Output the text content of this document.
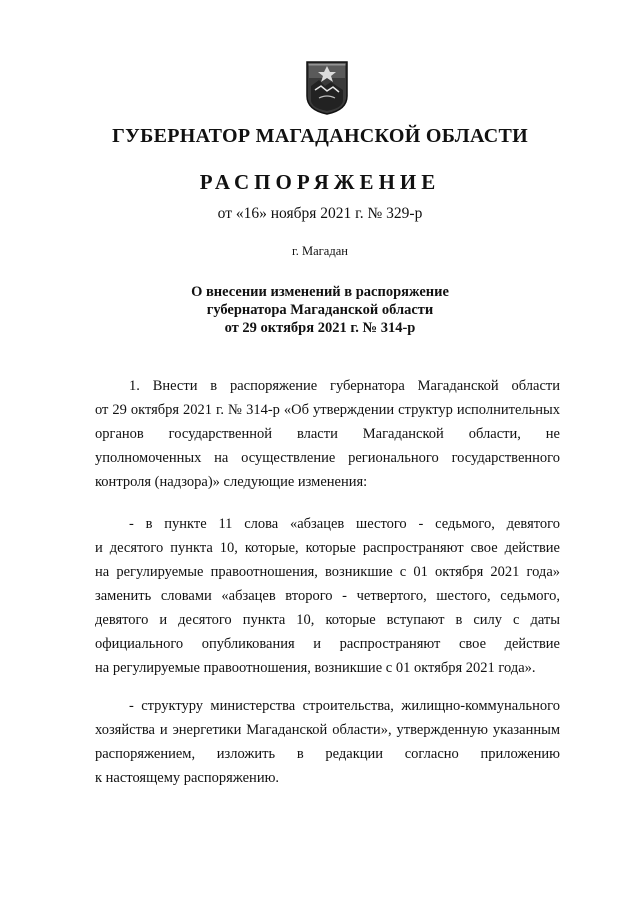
ГУБЕРНАТОР МАГАДАНСКОЙ ОБЛАСТИ
РАСПОРЯЖЕНИЕ
от «16» ноября 2021 г. № 329-р
г. Магадан
О внесении изменений в распоряжение
губернатора Магаданской области
от 29 октября 2021 г. № 314-р
1. Внести в распоряжение губернатора Магаданской области
от 29 октября 2021 г. № 314-р «Об утверждении структур исполнительных
органов государственной власти Магаданской области, не
уполномоченных на осуществление регионального государственного
контроля (надзора)» следующие изменения:
- в пункте 11 слова «абзацев шестого - седьмого, девятого
и десятого пункта 10, которые, которые распространяют свое действие
на регулируемые правоотношения, возникшие с 01 октября 2021 года»
заменить словами «абзацев второго - четвертого, шестого, седьмого,
девятого и десятого пункта 10, которые вступают в силу с даты
официального опубликования и распространяют свое действие
на регулируемые правоотношения, возникшие с 01 октября 2021 года».
- структуру министерства строительства, жилищно-коммунального
хозяйства и энергетики Магаданской области», утвержденную указанным
распоряжением, изложить в редакции согласно приложению
к настоящему распоряжению.
